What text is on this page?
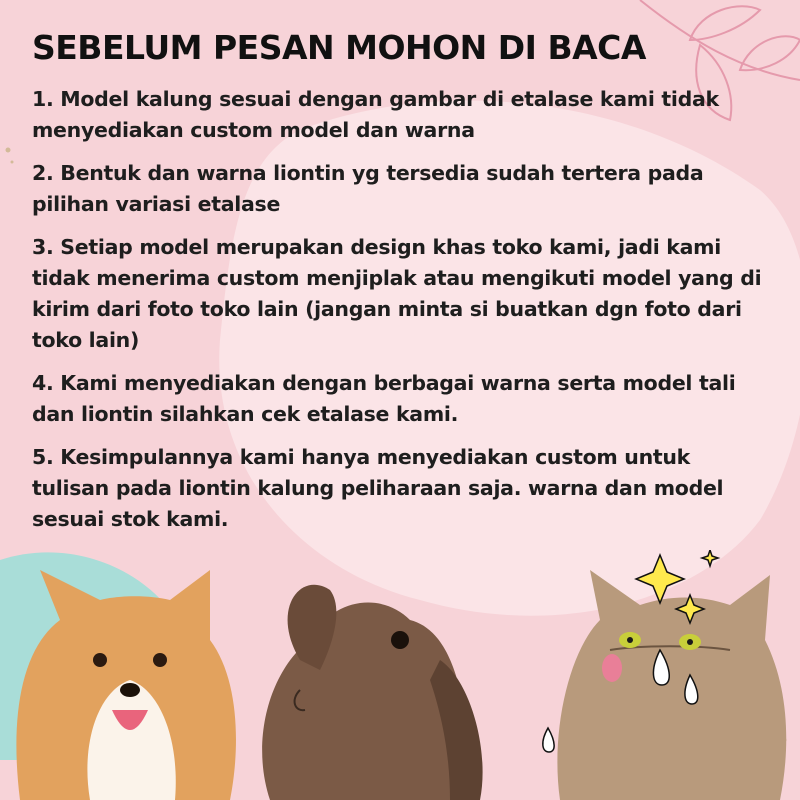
SEBELUM PESAN MOHON DI BACA

1. Model kalung sesuai dengan gambar di etalase kami tidak menyediakan custom model dan warna

2. Bentuk dan warna liontin yg tersedia sudah tertera pada pilihan variasi etalase

3. Setiap model merupakan design khas toko kami, jadi kami tidak menerima custom menjiplak atau mengikuti model yang di kirim dari foto toko lain (jangan minta si buatkan dgn foto dari toko lain)

4. Kami menyediakan dengan berbagai warna serta model tali dan liontin silahkan cek etalase kami.

5. Kesimpulannya kami hanya menyediakan custom untuk tulisan pada liontin kalung peliharaan saja. warna dan model sesuai stok kami.
